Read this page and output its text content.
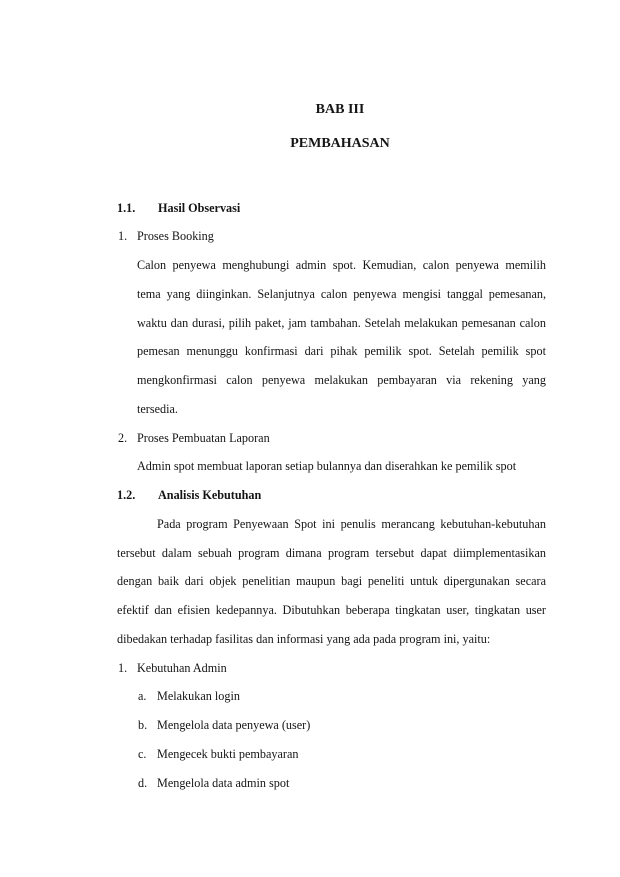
BAB III
PEMBAHASAN
1.1. Hasil Observasi
1. Proses Booking
Calon penyewa menghubungi admin spot. Kemudian, calon penyewa memilih
tema yang diinginkan. Selanjutnya calon penyewa mengisi tanggal pemesanan,
waktu dan durasi, pilih paket, jam tambahan. Setelah melakukan pemesanan calon
pemesan menunggu konfirmasi dari pihak pemilik spot. Setelah pemilik spot
mengkonfirmasi calon penyewa melakukan pembayaran via rekening yang
tersedia.
2. Proses Pembuatan Laporan
Admin spot membuat laporan setiap bulannya dan diserahkan ke pemilik spot
1.2. Analisis Kebutuhan
Pada program Penyewaan Spot ini penulis merancang kebutuhan-kebutuhan
tersebut dalam sebuah program dimana program tersebut dapat diimplementasikan
dengan baik dari objek penelitian maupun bagi peneliti untuk dipergunakan secara
efektif dan efisien kedepannya. Dibutuhkan beberapa tingkatan user, tingkatan user
dibedakan terhadap fasilitas dan informasi yang ada pada program ini, yaitu:
1. Kebutuhan Admin
a. Melakukan login
b. Mengelola data penyewa (user)
c. Mengecek bukti pembayaran
d. Mengelola data admin spot
